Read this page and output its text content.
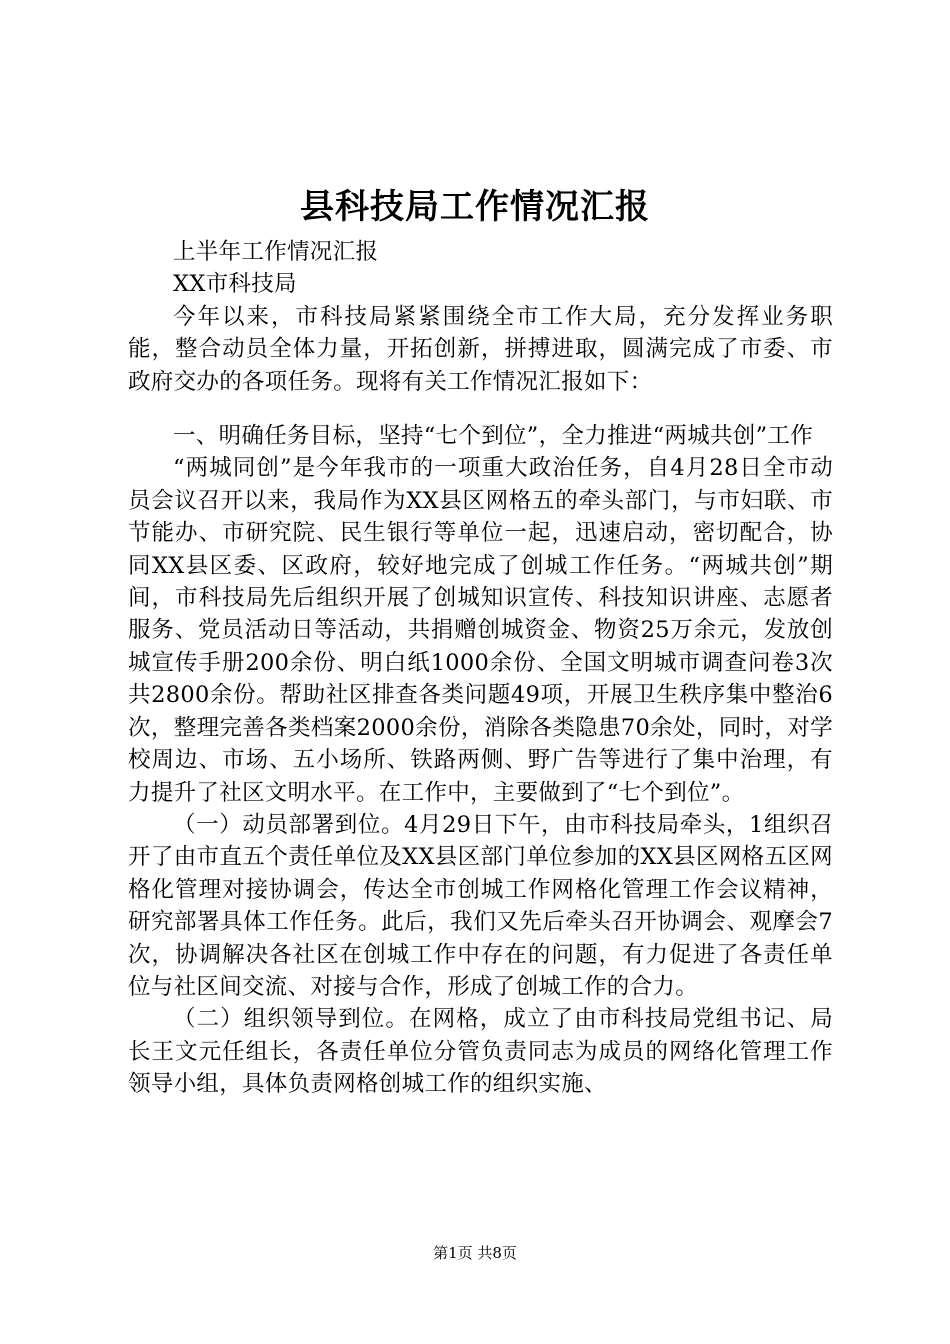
县科技局工作情况汇报

上半年工作情况汇报

XX市科技局

今年以来，市科技局紧紧围绕全市工作大局，充分发挥业务职能，整合动员全体力量，开拓创新，拼搏进取，圆满完成了市委、市政府交办的各项任务。现将有关工作情况汇报如下：

一、明确任务目标，坚持“七个到位”，全力推进“两城共创”工作

“两城同创”是今年我市的一项重大政治任务，自4月28日全市动员会议召开以来，我局作为XX县区网格五的牵头部门，与市妇联、市节能办、市研究院、民生银行等单位一起，迅速启动，密切配合，协同XX县区委、区政府，较好地完成了创城工作任务。“两城共创”期间，市科技局先后组织开展了创城知识宣传、科技知识讲座、志愿者服务、党员活动日等活动，共捐赠创城资金、物资25万余元，发放创城宣传手册200余份、明白纸1000余份、全国文明城市调查问卷3次共2800余份。帮助社区排查各类问题49项，开展卫生秩序集中整治6次，整理完善各类档案2000余份，消除各类隐患70余处，同时，对学校周边、市场、五小场所、铁路两侧、野广告等进行了集中治理，有力提升了社区文明水平。在工作中，主要做到了“七个到位”。

（一）动员部署到位。4月29日下午，由市科技局牵头，1组织召开了由市直五个责任单位及XX县区部门单位参加的XX县区网格五区网格化管理对接协调会，传达全市创城工作网格化管理工作会议精神，研究部署具体工作任务。此后，我们又先后牵头召开协调会、观摩会7次，协调解决各社区在创城工作中存在的问题，有力促进了各责任单位与社区间交流、对接与合作，形成了创城工作的合力。

（二）组织领导到位。在网格，成立了由市科技局党组书记、局长王文元任组长，各责任单位分管负责同志为成员的网络化管理工作领导小组，具体负责网格创城工作的组织实施、

第1页 共8页
